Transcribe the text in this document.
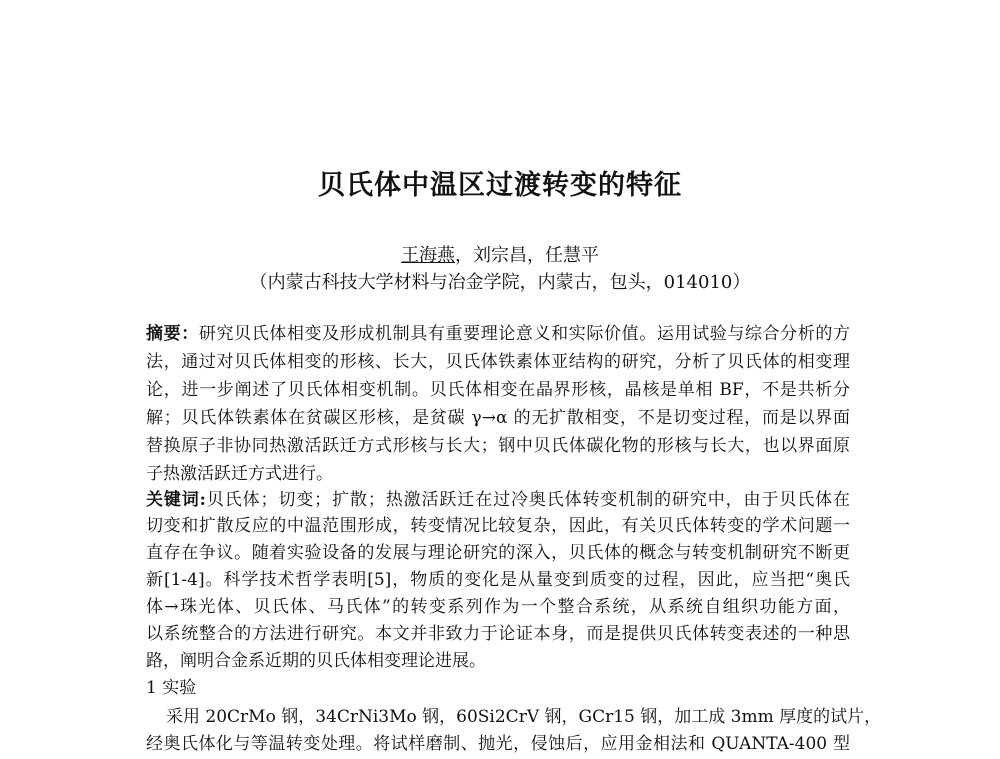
贝氏体中温区过渡转变的特征
王海燕，刘宗昌，任慧平
（内蒙古科技大学材料与冶金学院，内蒙古，包头，014010）
摘要：研究贝氏体相变及形成机制具有重要理论意义和实际价值。运用试验与综合分析的方
法，通过对贝氏体相变的形核、长大，贝氏体铁素体亚结构的研究，分析了贝氏体的相变理
论，进一步阐述了贝氏体相变机制。贝氏体相变在晶界形核，晶核是单相 BF，不是共析分
解；贝氏体铁素体在贫碳区形核，是贫碳 γ→α 的无扩散相变，不是切变过程，而是以界面
替换原子非协同热激活跃迁方式形核与长大；钢中贝氏体碳化物的形核与长大，也以界面原
子热激活跃迁方式进行。
关键词:贝氏体；切变；扩散；热激活跃迁在过冷奥氏体转变机制的研究中，由于贝氏体在
切变和扩散反应的中温范围形成，转变情况比较复杂，因此，有关贝氏体转变的学术问题一
直存在争议。随着实验设备的发展与理论研究的深入，贝氏体的概念与转变机制研究不断更
新[1-4]。科学技术哲学表明[5]，物质的变化是从量变到质变的过程，因此，应当把“奥氏
体→珠光体、贝氏体、马氏体”的转变系列作为一个整合系统，从系统自组织功能方面，
以系统整合的方法进行研究。本文并非致力于论证本身，而是提供贝氏体转变表述的一种思
路，阐明合金系近期的贝氏体相变理论进展。
1 实验
采用 20CrMo 钢，34CrNi3Mo 钢，60Si2CrV 钢，GCr15 钢，加工成 3mm 厚度的试片，
经奥氏体化与等温转变处理。将试样磨制、抛光，侵蚀后，应用金相法和 QUANTA-400 型
